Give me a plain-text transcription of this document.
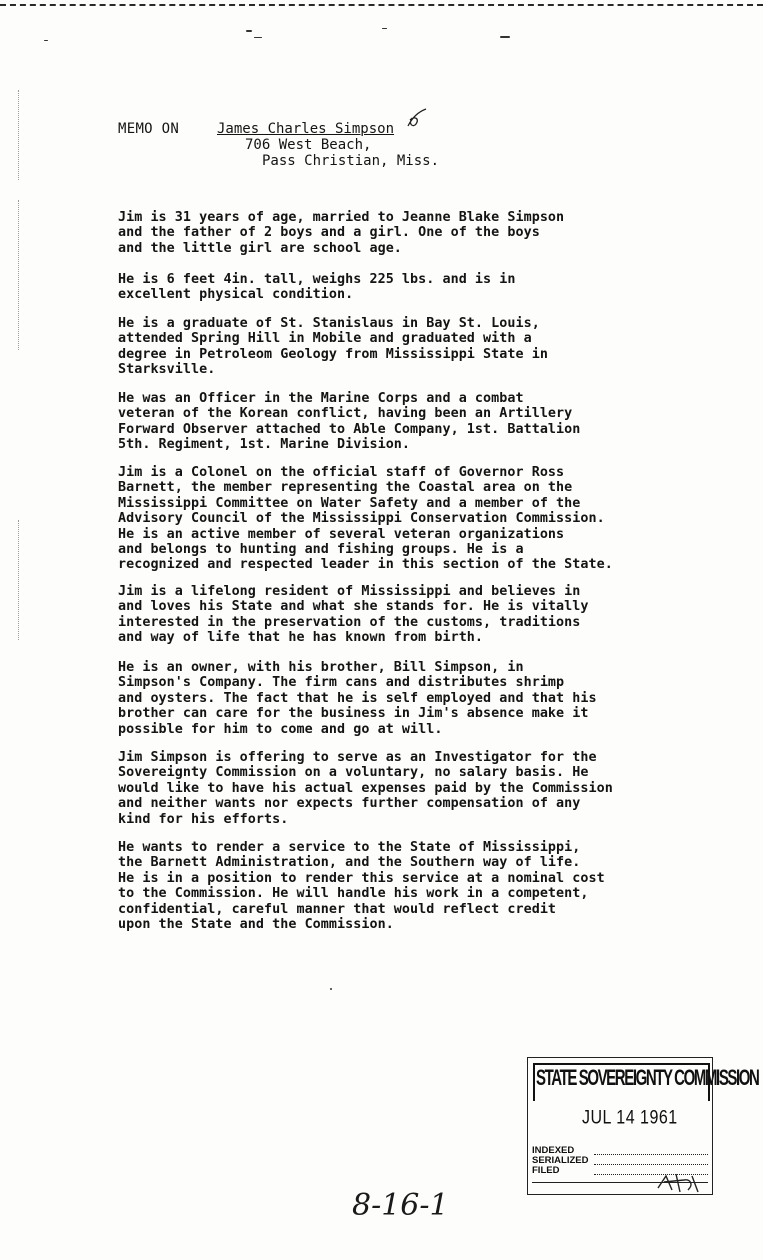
MEMO ON	James Charles Simpson
706 West Beach,
Pass Christian, Miss.

Jim is 31 years of age, married to Jeanne Blake Simpson
and the father of 2 boys and a girl. One of the boys
and the little girl are school age.

He is 6 feet 4in. tall, weighs 225 lbs. and is in
excellent physical condition.

He is a graduate of St. Stanislaus in Bay St. Louis,
attended Spring Hill in Mobile and graduated with a
degree in Petroleom Geology from Mississippi State in
Starksville.

He was an Officer in the Marine Corps and a combat
veteran of the Korean conflict, having been an Artillery
Forward Observer attached to Able Company, 1st. Battalion
5th. Regiment, 1st. Marine Division.

Jim is a Colonel on the official staff of Governor Ross
Barnett, the member representing the Coastal area on the
Mississippi Committee on Water Safety and a member of the
Advisory Council of the Mississippi Conservation Commission.
He is an active member of several veteran organizations
and belongs to hunting and fishing groups. He is a
recognized and respected leader in this section of the State.

Jim is a lifelong resident of Mississippi and believes in
and loves his State and what she stands for. He is vitally
interested in the preservation of the customs, traditions
and way of life that he has known from birth.

He is an owner, with his brother, Bill Simpson, in
Simpson's Company. The firm cans and distributes shrimp
and oysters. The fact that he is self employed and that his
brother can care for the business in Jim's absence make it
possible for him to come and go at will.

Jim Simpson is offering to serve as an Investigator for the
Sovereignty Commission on a voluntary, no salary basis. He
would like to have his actual expenses paid by the Commission
and neither wants nor expects further compensation of any
kind for his efforts.

He wants to render a service to the State of Mississippi,
the Barnett Administration, and the Southern way of life.
He is in a position to render this service at a nominal cost
to the Commission. He will handle his work in a competent,
confidential, careful manner that would reflect credit
upon the State and the Commission.

STATE SOVEREIGNTY COMMISSION
JUL 14 1961
INDEXED
SERIALIZED
FILED
8-16-1
